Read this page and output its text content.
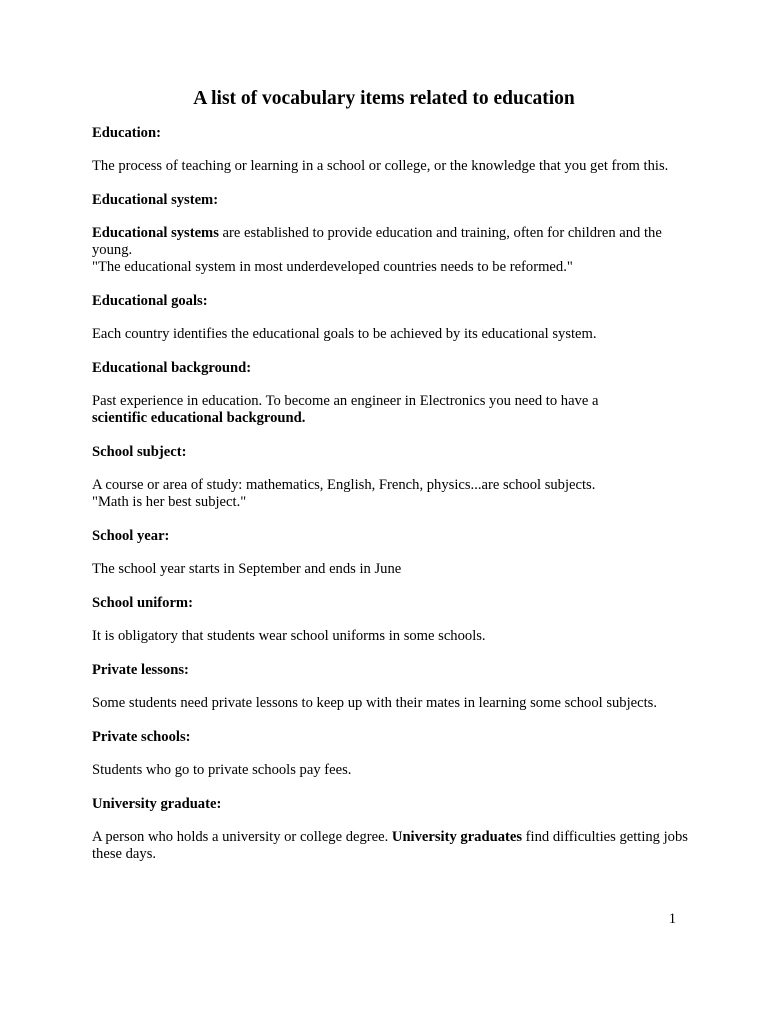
A list of vocabulary items related to education

Education:

The process of teaching or learning in a school or college, or the knowledge that you get from this.

Educational system:

Educational systems are established to provide education and training, often for children and the young.
"The educational system in most underdeveloped countries needs to be reformed."

Educational goals:

Each country identifies the educational goals to be achieved by its educational system.

Educational background:

Past experience in education. To become an engineer in Electronics you need to have a
scientific educational background.

School subject:

A course or area of study: mathematics, English, French, physics...are school subjects.
"Math is her best subject."

School year:

The school year starts in September and ends in June

School uniform:

It is obligatory that students wear school uniforms in some schools.

Private lessons:

Some students need private lessons to keep up with their mates in learning some school subjects.

Private schools:

Students who go to private schools pay fees.

University graduate:

A person who holds a university or college degree. University graduates find difficulties getting jobs these days.

1
